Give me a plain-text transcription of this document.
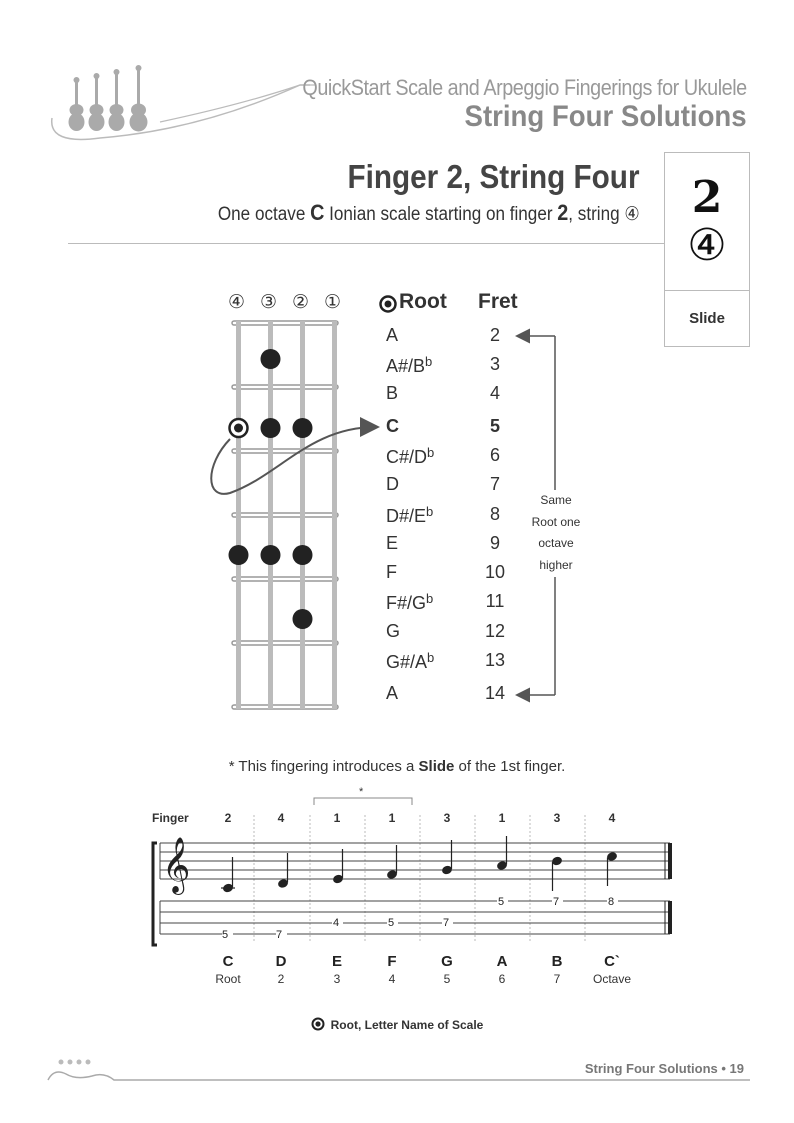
QuickStart Scale and Arpeggio Fingerings for Ukulele
String Four Solutions
Finger 2, String Four
One octave C Ionian scale starting on finger 2, string ④	2
④
Slide
④ ③ ② ①	Root Fret
A	2
$A\#/B^b$	3
B	4
C	5
$C\#/D^b$	6
D	7
$D\#/E^b$	8
E	9
F	10
$F\#/G^b$	11
G	12
$G\#/A^b$	13
A	14
Same
Root one
octave
higher
* This fingering introduces a Slide of the 1st finger.
Finger
*
2	4	1	1	3	1	3	4
𝄞
5	7
4	5	7
5	7	8
C	D	E	F	G	A	B	C`
Root	2	3	4	5	6	7	Octave
Root, Letter Name of Scale
String Four Solutions • 19
